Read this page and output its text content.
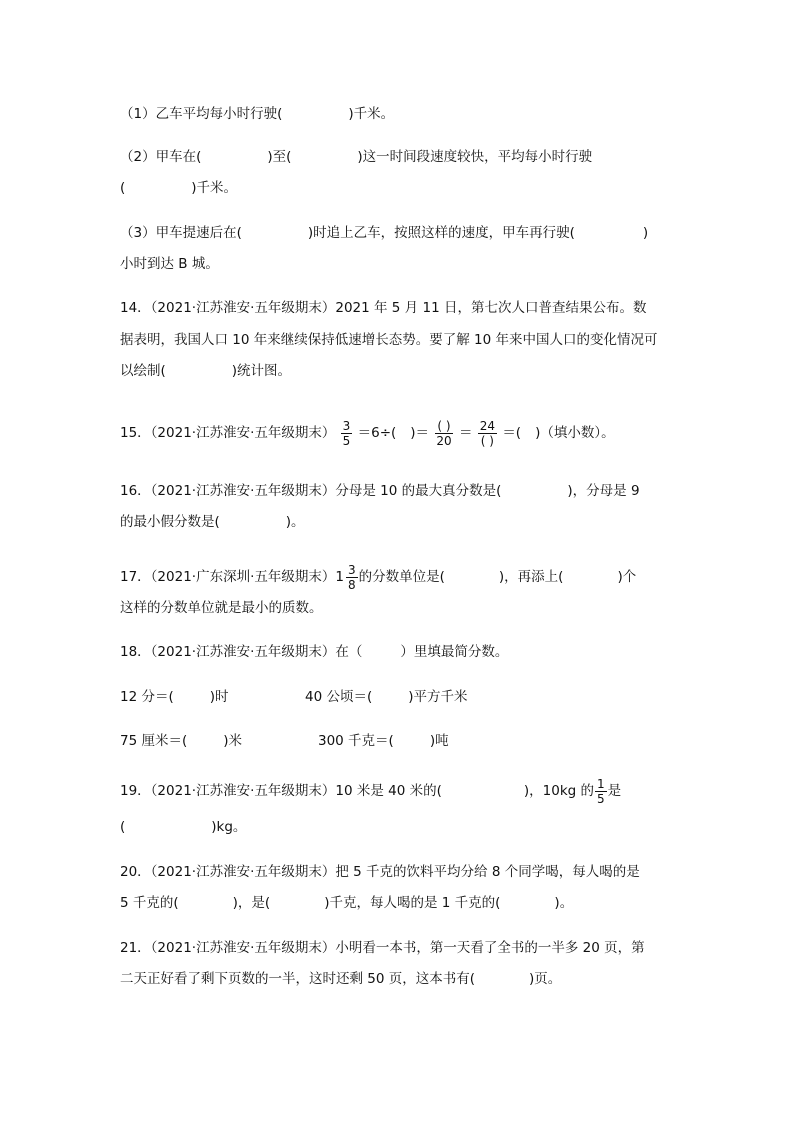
（1）乙车平均每小时行驶(	)千米。
（2）甲车在(	)至(	)这一时间段速度较快，平均每小时行驶
(	)千米。
（3）甲车提速后在(	)时追上乙车，按照这样的速度，甲车再行驶(	)
小时到达 B 城。
14．（2021·江苏淮安·五年级期末）2021 年 5 月 11 日，第七次人口普查结果公布。数
据表明，我国人口 10 年来继续保持低速增长态势。要了解 10 年来中国人口的变化情况可
以绘制(	)统计图。
15．（2021·江苏淮安·五年级期末） $\frac{3}{5} =6\div$( )＝ $\frac{( )}{20} = \frac{24}{( )}$ ＝( )（填小数）。
16．（2021·江苏淮安·五年级期末）分母是 10 的最大真分数是(	)，分母是 9
的最小假分数是(	)。
17．（2021·广东深圳·五年级期末） $1 \frac{3}{8}$ 的分数单位是(	)，再添上(	)个
这样的分数单位就是最小的质数。
18．（2021·江苏淮安·五年级期末）在（	）里填最简分数。
12 分＝(	)时	40 公顷＝(	)平方千米
75 厘米＝(	)米	300 千克＝(	)吨
19．（2021·江苏淮安·五年级期末）10 米是 40 米的(	)，10kg 的 $\frac{1}{5}$ 是
(	)kg。
20．（2021·江苏淮安·五年级期末）把 5 千克的饮料平均分给 8 个同学喝，每人喝的是
5 千克的(	)，是(	)千克，每人喝的是 1 千克的(	)。
21．（2021·江苏淮安·五年级期末）小明看一本书，第一天看了全书的一半多 20 页，第
二天正好看了剩下页数的一半，这时还剩 50 页，这本书有(	)页。
